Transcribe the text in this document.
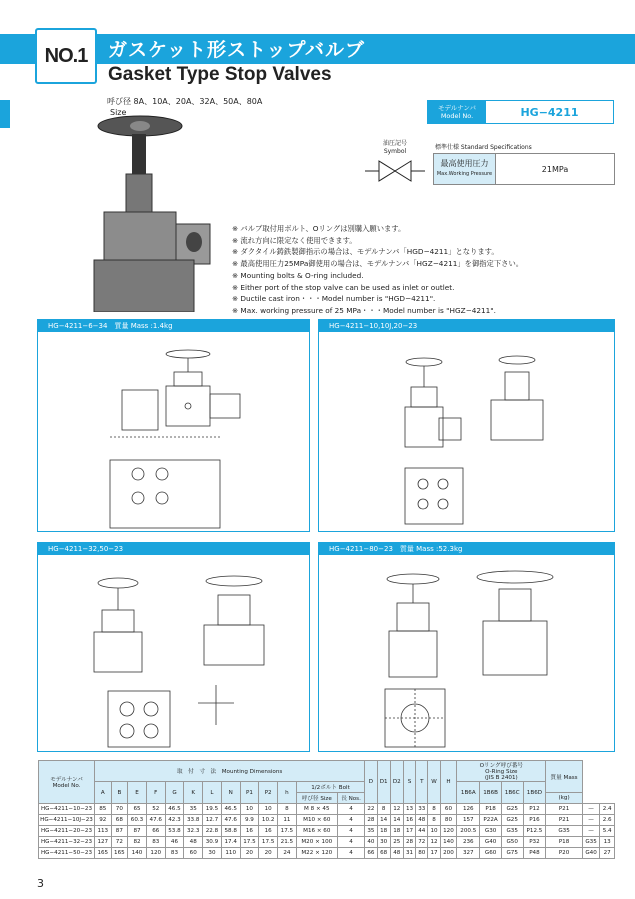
NO.1	ガスケット形ストップバルブ
Gasket Type Stop Valves
呼び径 8A、10A、20A、32A、50A、80A
Size	モデルナンバ
Model No.	HG−4211
油圧記号
Symbol
標準仕様 Standard Specifications
最高使用圧力
Max.Working Pressure
21MPa
※ バルブ取付用ボルト、Oリングは別購入願います。
※ 流れ方向に限定なく使用できます。
※ ダクタイル鋳鉄製御指示の場合は、モデルナンバ「HGD−4211」となります。
※ 最高使用圧力25MPa御使用の場合は、モデルナンバ「HGZ−4211」を御指定下さい。
※ Mounting bolts & O-ring included.
※ Either port of the stop valve can be used as inlet or outlet.
※ Ductile cast iron・・・Model number is "HGD−4211".
※ Max. working pressure of 25 MPa・・・Model number is "HGZ−4211".
HG−4211−6−34　 質量 Mass :1.4kg	HG−4211−10,10J,20−23　
HG−4211−32,50−23　	HG−4211−80−23　 質量 Mass :52.3kg
モデルナンバ
Model No.	取　付　寸　法　Mounting Dimensions													D	D1	D2	S	T	W	H	Oリング呼び番号
O-Ring Size
(JIS B 2401)				質量 Mass		
	A	B	E	F	G	K	L	N	P1	P2	h	1/2ボルト Bolt									1B6A	1B6B	1B6C	1B6D			
												呼び径 Size	長 Nos.												(kg)		
HG−4211−10−23	85	70	65	52	46.5	35	19.5	46.5	10	10	8	M 8 × 45	4	22	8	12	13	33	8	60	126	P18	G25	P12	P21	—	2.4
HG−4211−10J−23	92	68	60.3	47.6	42.3	33.8	12.7	47.6	9.9	10.2	11	M10 × 60	4	28	14	14	16	48	8	80	157	P22A	G25	P16	P21	—	2.6
HG−4211−20−23	113	87	87	66	53.8	32.3	22.8	58.8	16	16	17.5	M16 × 60	4	35	18	18	17	44	10	120	200.5	G30	G35	P12.5	G35	—	5.4
HG−4211−32−23	127	72	82	83	46	48	30.9	17.4	17.5	17.5	21.5	M20 × 100	4	40	30	25	28	72	12	140	236	G40	G50	P32	P18	G35	13
HG−4211−50−23	165	165	140	120	83	60	30	110	20	20	24	M22 × 120	4	66	68	48	31	80	17	200	327	G60	G75	P48	P20	G40	27
3
